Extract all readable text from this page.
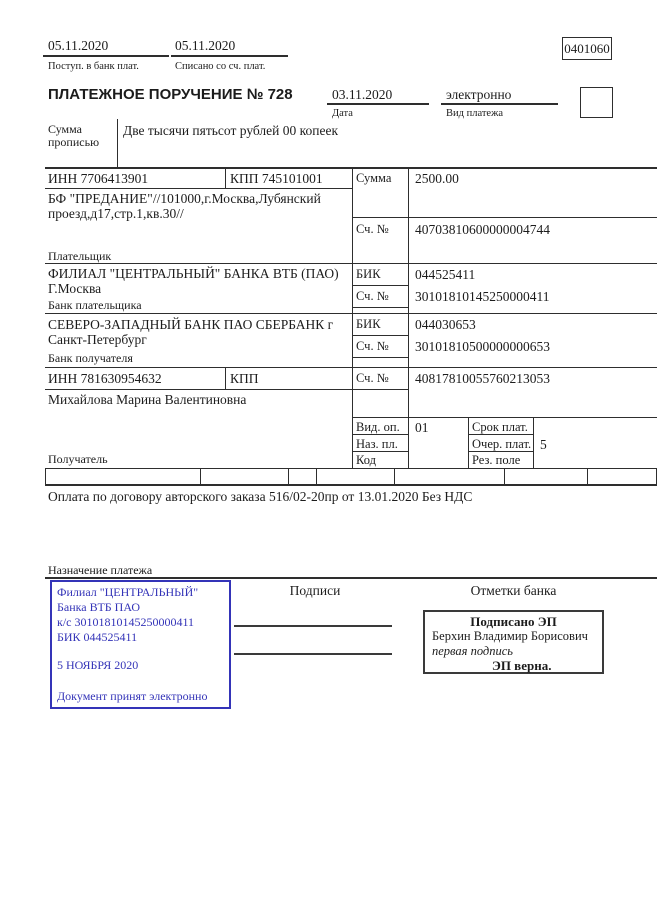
05.11.2020
Поступ. в банк плат.
05.11.2020
Списано со сч. плат.
0401060
ПЛАТЕЖНОЕ ПОРУЧЕНИЕ № 728	03.11.2020
Дата
электронно
Вид платежа
Сумма прописью
Две тысячи пятьсот рублей 00 копеек
ИНН 7706413901	КПП 745101001	Сумма 2500.00
БФ "ПРЕДАНИЕ"//101000,г.Москва,Лубянский проезд,д17,стр.1,кв.30//
Сч. № 40703810600000004744
Плательщик
ФИЛИАЛ "ЦЕНТРАЛЬНЫЙ" БАНКА ВТБ (ПАО) Г.Москва
БИК	044525411
Сч. № 30101810145250000411
Банк плательщика
СЕВЕРО-ЗАПАДНЫЙ БАНК ПАО СБЕРБАНК г Санкт-Петербург
БИК	044030653
Сч. № 30101810500000000653
Банк получателя
ИНН 781630954632	КПП	Сч. № 40817810055760213053
Михайлова Марина Валентиновна
Получатель
Вид. оп. 01	Срок плат.
Наз. пл.	Очер. плат. 5
Код	Рез. поле
Оплата по договору авторского заказа 516/02-20пр от 13.01.2020 Без НДС
Назначение платежа

Филиал "ЦЕНТРАЛЬНЫЙ" Банка ВТБ ПАО

к/с 30101810145250000411

БИК 044525411

5 НОЯБРЯ 2020

Документ принят электронно

Подписи	Отметки банка
Подписано ЭП
Берхин Владимир Борисович
первая подпись
ЭП верна.
